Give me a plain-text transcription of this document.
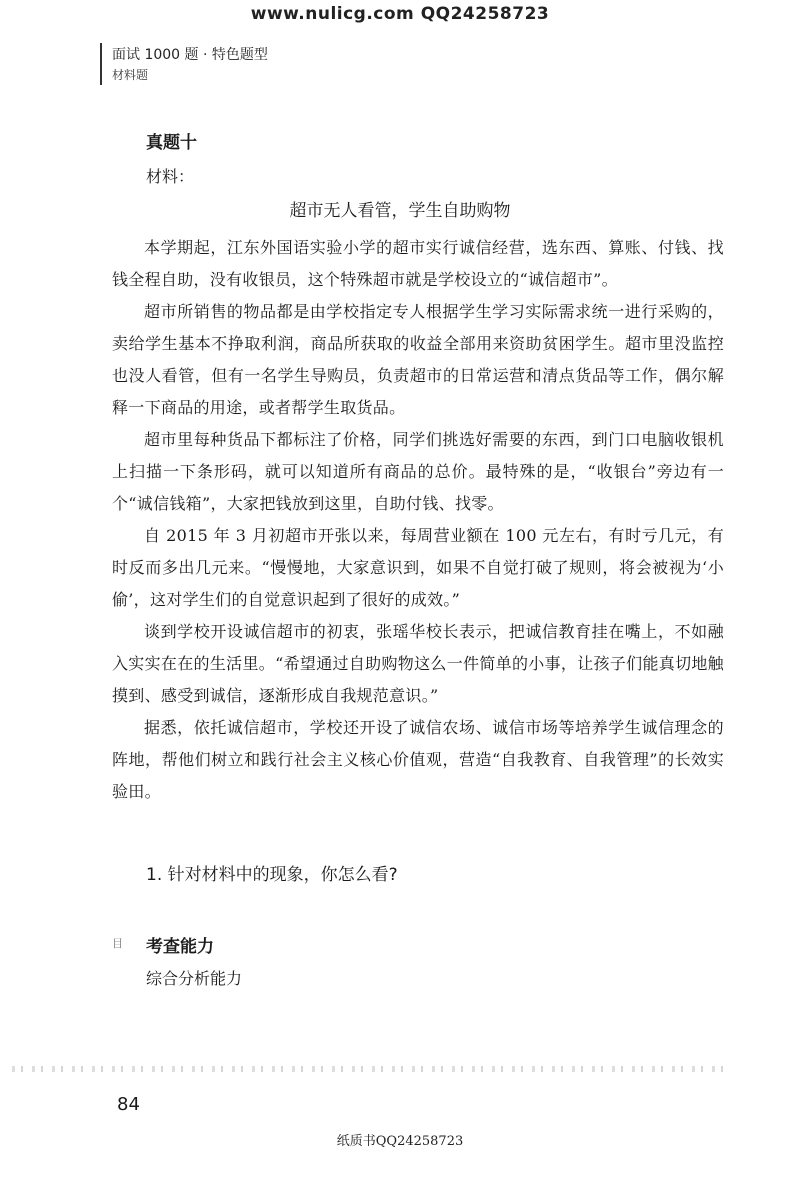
www.nulicg.com QQ24258723
面试 1000 题 · 特色题型
材料题
真题十
材料：
超市无人看管，学生自助购物

本学期起，江东外国语实验小学的超市实行诚信经营，选东西、算账、付钱、找钱全程自助，没有收银员，这个特殊超市就是学校设立的“诚信超市”。

超市所销售的物品都是由学校指定专人根据学生学习实际需求统一进行采购的，卖给学生基本不挣取利润，商品所获取的收益全部用来资助贫困学生。超市里没监控也没人看管，但有一名学生导购员，负责超市的日常运营和清点货品等工作，偶尔解释一下商品的用途，或者帮学生取货品。

超市里每种货品下都标注了价格，同学们挑选好需要的东西，到门口电脑收银机上扫描一下条形码，就可以知道所有商品的总价。最特殊的是，“收银台”旁边有一个“诚信钱箱”，大家把钱放到这里，自助付钱、找零。

自 2015 年 3 月初超市开张以来，每周营业额在 100 元左右，有时亏几元，有时反而多出几元来。“慢慢地，大家意识到，如果不自觉打破了规则，将会被视为‘小偷’，这对学生们的自觉意识起到了很好的成效。”

谈到学校开设诚信超市的初衷，张瑶华校长表示，把诚信教育挂在嘴上，不如融入实实在在的生活里。“希望通过自助购物这么一件简单的小事，让孩子们能真切地触摸到、感受到诚信，逐渐形成自我规范意识。”

据悉，依托诚信超市，学校还开设了诚信农场、诚信市场等培养学生诚信理念的阵地，帮他们树立和践行社会主义核心价值观，营造“自我教育、自我管理”的长效实验田。

1. 针对材料中的现象，你怎么看?
目 考查能力
综合分析能力
84
纸质书QQ24258723
